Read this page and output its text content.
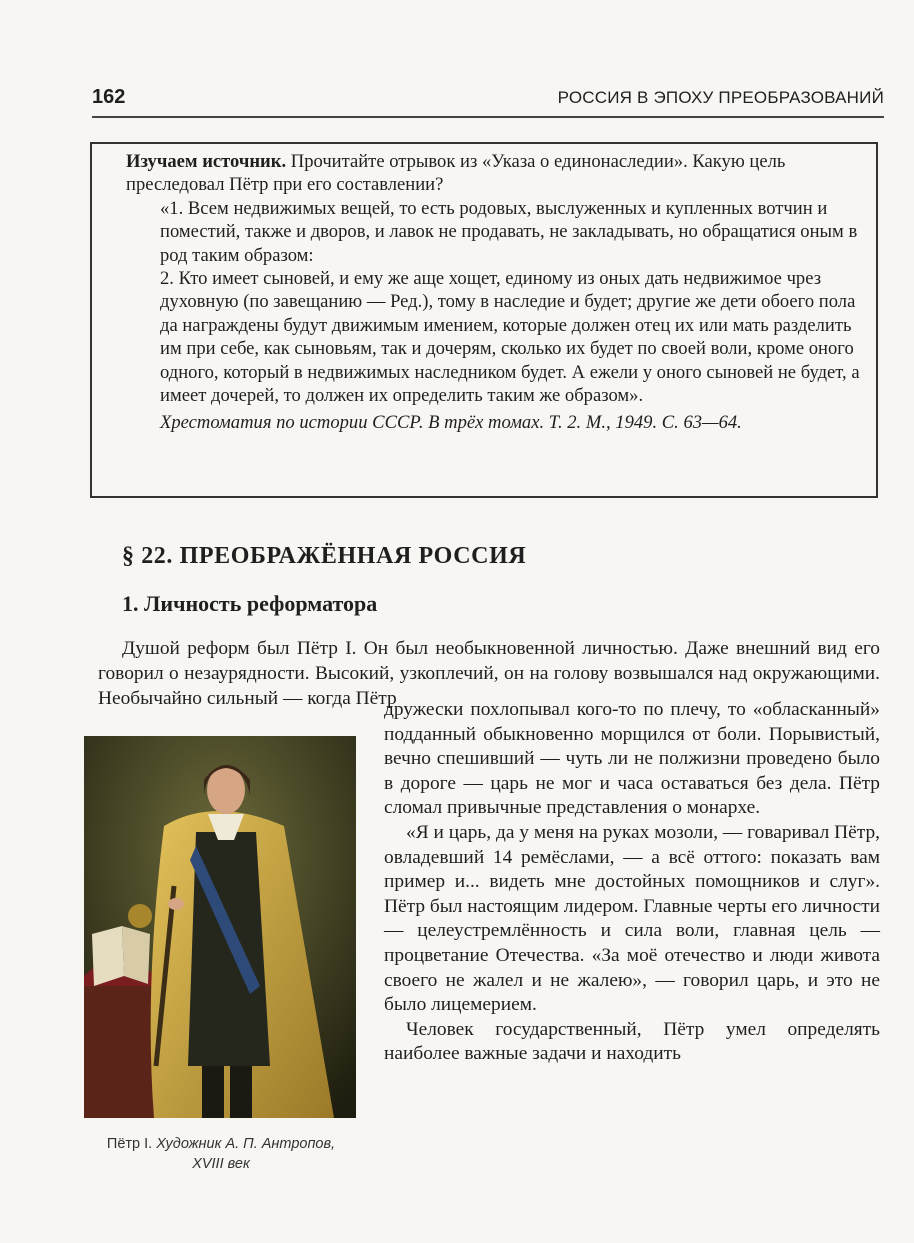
162	РОССИЯ В ЭПОХУ ПРЕОБРАЗОВАНИЙ

Изучаем источник. Прочитайте отрывок из «Указа о единонаследии». Какую цель преследовал Пётр при его составлении?

«1. Всем недвижимых вещей, то есть родовых, выслуженных и купленных вотчин и поместий, также и дворов, и лавок не продавать, не закладывать, но обращатися оным в род таким образом:

2. Кто имеет сыновей, и ему же аще хощет, единому из оных дать недвижимое чрез духовную (по завещанию — Ред.), тому в наследие и будет; другие же дети обоего пола да награждены будут движимым имением, которые должен отец их или мать разделить им при себе, как сыновьям, так и дочерям, сколько их будет по своей воли, кроме оного одного, который в недвижимых наследником будет. А ежели у оного сыновей не будет, а имеет дочерей, то должен их определить таким же образом».

Хрестоматия по истории СССР. В трёх томах. Т. 2. М., 1949. С. 63—64.

§ 22. ПРЕОБРАЖЁННАЯ РОССИЯ
1. Личность реформатора

Душой реформ был Пётр I. Он был необыкновенной личностью. Даже внешний вид его говорил о незаурядности. Высокий, узкоплечий, он на голову возвышался над окружающими. Необычайно сильный — когда Пётр

Пётр I. Художник А. П. Антропов,
XVIII век

дружески похлопывал кого-то по плечу, то «обласканный» подданный обыкновенно морщился от боли. Порывистый, вечно спешивший — чуть ли не полжизни проведено было в дороге — царь не мог и часа оставаться без дела. Пётр сломал привычные представления о монархе.

«Я и царь, да у меня на руках мозоли, — говаривал Пётр, овладевший 14 ремёслами, — а всё оттого: показать вам пример и... видеть мне достойных помощников и слуг». Пётр был настоящим лидером. Главные черты его личности — целеустремлённость и сила воли, главная цель — процветание Отечества. «За моё отечество и люди живота своего не жалел и не жалею», — говорил царь, и это не было лицемерием.

Человек государственный, Пётр умел определять наиболее важные задачи и находить
